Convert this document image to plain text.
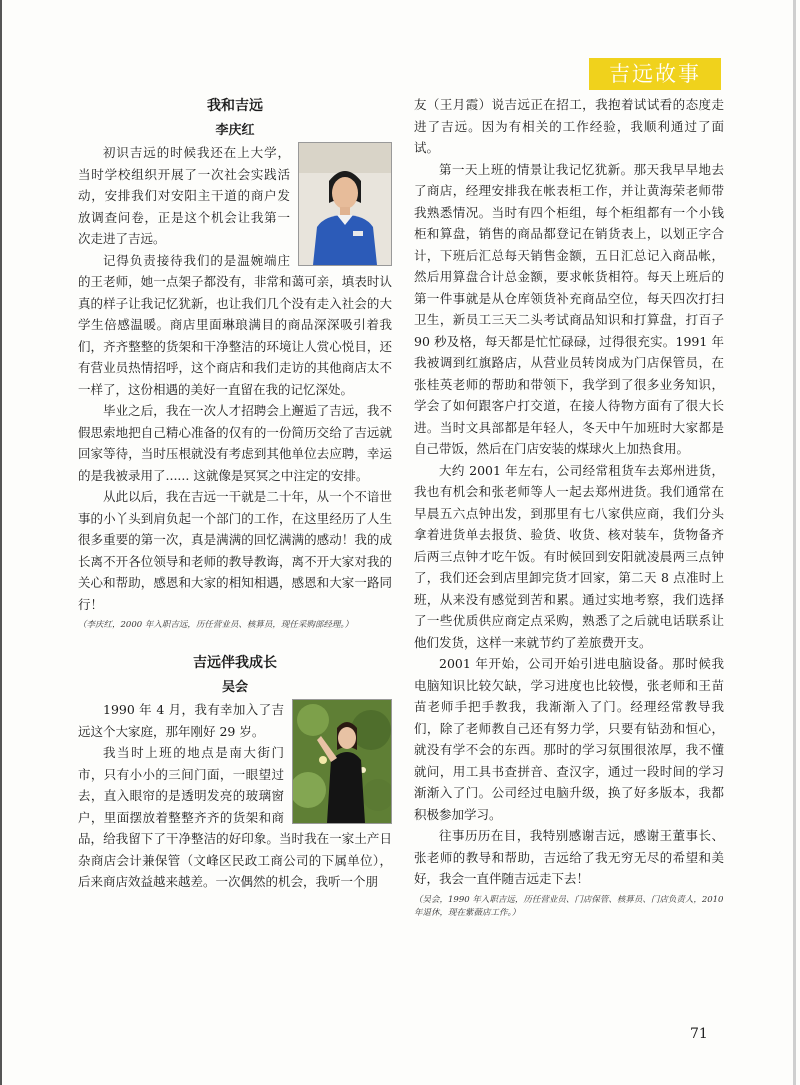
吉远故事
我和吉远
李庆红

初识吉远的时候我还在上大学，当时学校组织开展了一次社会实践活动，安排我们对安阳主干道的商户发放调查问卷，正是这个机会让我第一次走进了吉远。

记得负责接待我们的是温婉端庄的王老师，她一点架子都没有，非常和蔼可亲，填表时认真的样子让我记忆犹新，也让我们几个没有走入社会的大学生倍感温暖。商店里面琳琅满目的商品深深吸引着我们，齐齐整整的货架和干净整洁的环境让人赏心悦目，还有营业员热情招呼，这个商店和我们走访的其他商店太不一样了，这份相遇的美好一直留在我的记忆深处。

毕业之后，我在一次人才招聘会上邂逅了吉远，我不假思索地把自己精心准备的仅有的一份简历交给了吉远就回家等待，当时压根就没有考虑到其他单位去应聘，幸运的是我被录用了...... 这就像是冥冥之中注定的安排。

从此以后，我在吉远一干就是二十年，从一个不谙世事的小丫头到肩负起一个部门的工作，在这里经历了人生很多重要的第一次，真是满满的回忆满满的感动！我的成长离不开各位领导和老师的教导教诲，离不开大家对我的关心和帮助，感恩和大家的相知相遇，感恩和大家一路同行！

（李庆红，2000 年入职吉远，历任营业员、核算员，现任采购部经理。）

吉远伴我成长
吴会

1990 年 4 月，我有幸加入了吉远这个大家庭，那年刚好 29 岁。

我当时上班的地点是南大街门市，只有小小的三间门面，一眼望过去，直入眼帘的是透明发亮的玻璃窗户，里面摆放着整整齐齐的货架和商品，给我留下了干净整洁的好印象。当时我在一家土产日杂商店会计兼保管（文峰区民政工商公司的下属单位），后来商店效益越来越差。一次偶然的机会，我听一个朋

友（王月霞）说吉远正在招工，我抱着试试看的态度走进了吉远。因为有相关的工作经验，我顺利通过了面试。

第一天上班的情景让我记忆犹新。那天我早早地去了商店，经理安排我在帐表柜工作，并让黄海荣老师带我熟悉情况。当时有四个柜组，每个柜组都有一个小钱柜和算盘，销售的商品都登记在销货表上，以划正字合计，下班后汇总每天销售金额，五日汇总记入商品帐，然后用算盘合计总金额，要求帐货相符。每天上班后的第一件事就是从仓库领货补充商品空位，每天四次打扫卫生，新员工三天二头考试商品知识和打算盘，打百子 90 秒及格，每天都是忙忙碌碌，过得很充实。1991 年我被调到红旗路店，从营业员转岗成为门店保管员，在张桂英老师的帮助和带领下，我学到了很多业务知识，学会了如何跟客户打交道，在接人待物方面有了很大长进。当时文具部都是年轻人，冬天中午加班时大家都是自己带饭，然后在门店安装的煤球火上加热食用。

大约 2001 年左右，公司经常租货车去郑州进货，我也有机会和张老师等人一起去郑州进货。我们通常在早晨五六点钟出发，到那里有七八家供应商，我们分头拿着进货单去报货、验货、收货、核对装车，货物备齐后两三点钟才吃午饭。有时候回到安阳就凌晨两三点钟了，我们还会到店里卸完货才回家，第二天 8 点准时上班，从来没有感觉到苦和累。通过实地考察，我们选择了一些优质供应商定点采购，熟悉了之后就电话联系让他们发货，这样一来就节约了差旅费开支。

2001 年开始，公司开始引进电脑设备。那时候我电脑知识比较欠缺，学习进度也比较慢，张老师和王苗苗老师手把手教我，我渐渐入了门。经理经常教导我们，除了老师教自己还有努力学，只要有钻劲和恒心，就没有学不会的东西。那时的学习氛围很浓厚，我不懂就问，用工具书查拼音、查汉字，通过一段时间的学习渐渐入了门。公司经过电脑升级，换了好多版本，我都积极参加学习。

往事历历在目，我特别感谢吉远，感谢王董事长、张老师的教导和帮助，吉远给了我无穷无尽的希望和美好，我会一直伴随吉远走下去！

（吴会，1990 年入职吉远，历任营业员、门店保管、核算员、门店负责人，2010 年退休，现在紫薇店工作。）

71
